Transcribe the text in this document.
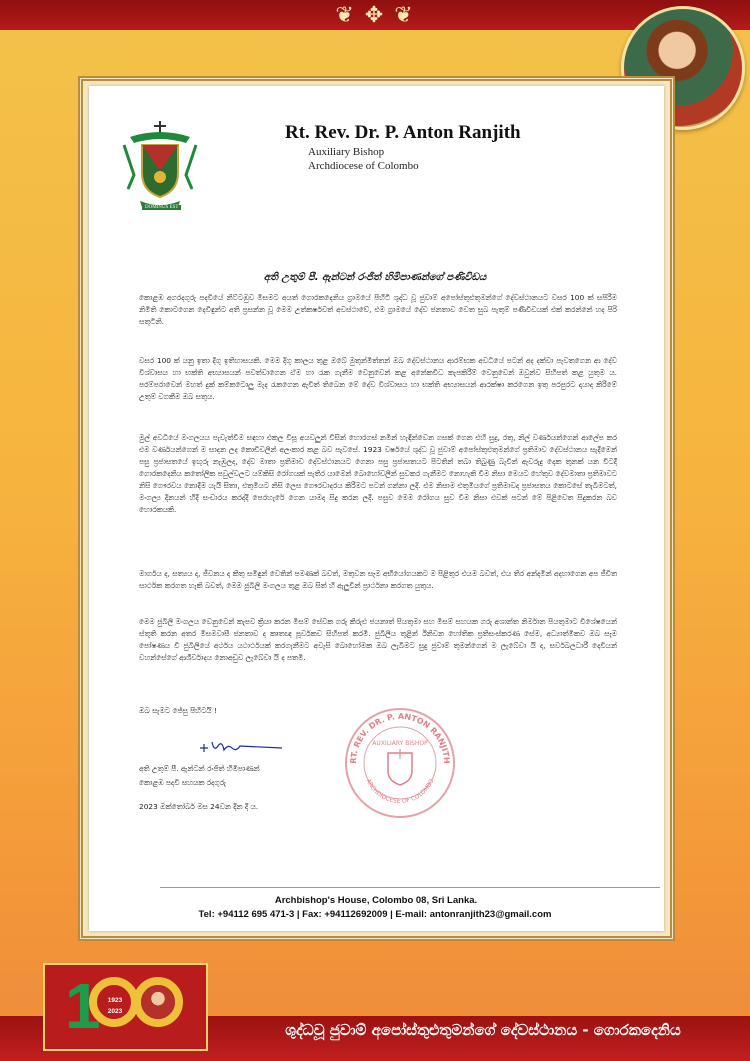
❦ ✥ ❦
DOMINUS EST
Rt. Rev. Dr. P. Anton Ranjith
Auxiliary Bishop
Archdiocese of Colombo
අති උතුම් පී. ඇන්ටන් රංජිත් හිමිපාණන්ගේ පණිවිඩය

කොළඹ අගරදගුරු පදවියේ නිට්ටඹුව මීසමට අයත් ගොරකදෙනිය ග්‍රාමයේ පිහිටි ශුද්ධ වූ ජුවාම් අපෝස්තුළුතුමන්ගේ දේවස්ථානයට වසර 100 ක් සපිරීම නිමිති කොටගෙන දෙවිඳුන්ට අති ප්‍රසන්න වූ මෙම උත්කර්ෂවත් අවස්ථාවේ, එම ග්‍රාමයේ දේව ජනතාව වෙත සුබ පැතුම් පණිවිඩයක් එක් කරන්නේ හද පිරි සතුටිනි.

වසර 100 ක් යනු ඉතා දිගු ඉතිහාසයකි. මෙම දිගු කාලය තුළ ඔබේ මුතුන්මිත්තන් ඔබ දේවස්ථානය ආරම්භක අවධියේ පටන් අද දක්වා පැවතගෙන ආ දේව විශ්වාසය හා භක්ති අභ්‍යාසයන් පවත්වාගෙන ඒම හා රැක ගැනීම වෙනුවෙන් කළ අනේකවිධ කැපකිරීම් වෙනුවෙන් ඔවුන්ව සිහිපත් කළ යුතුම ය. පරම්පරාවෙන් මහත් දුක් කම්කටොලු මැද රැකගෙන ඇවිත් තිබෙන මේ දේව විශ්වාසය හා භක්ති අභ්‍යාසයන් ආරක්ෂා කරගෙන ඉතු පරපුරට දායාද කිරීමේ උතුම් වගකීම ඔබ සතුය.

මුල් අවධියේ මංගලයය පැවැත්වීම සඳහා එකල විසූ අයවලුන් විසින් හොරගස් නමින් හැඳින්වෙන ගසක් ගෙන එහි සුදු, රතු, නිල් වර්ණයන්ගෙන් ආලේප කර එම වර්ණයන්ගෙන් ම සාදන ලද කොඩිවලින් අලංකාර කළ බව පැවසේ. 1923 වර්ෂයේ ශුද්ධ වූ ජුවාම් අපෝස්තුළුතුමන්ගේ ප්‍රතිමාව දේවස්ථානය සැදීමෙන් පසු ප්‍රජාසතයේ ඉඟුරු නැඹුලද, දේව මාතා ප්‍රතිමාව දේවස්ථානයට ගෙනා පසු ප්‍රජාසතයට පිටතින් තබා තිබුණු බැවින් ඇවරුදු දෙක තුනක් යන විටදී ගොරකදෙනිය කතෝලික පවුල්වලට යම්කිසි රෝගයක් පැතිර යාමෙන් බොහෝවලින් සුවකර ගැනීමට නොහැකි වීම නිසා මෙයට හේතුව දේවමාතා ප්‍රතිමාවට නිසි ගෞරවය නොදීම යැයි සිතා, එතුමියට නිසි ලෙස ගෞරවාදරය කිරීමට පටන් ගන්නා ලදි. එම නිසාම එතුමියගේ ප්‍රතිමාවද ප්‍රජාසතය කොටසේ තැබීමටත්, මංගල්‍ය දිනයන් හිදී සංචාරය කරද්දී පෙරහැරේ ගෙන යාමද සිදු කරන ලදී. පසුව මෙම රෝගය සුව වීම නිසා එවක් පටන් මේ පිළිවෙත සිදුකරන බව හොරකයකි.

මාර්ගය ද, සත්‍යය ද, ජීවනය ද කිතු සමිඳුන් වෙතින් පමණක් බවත්, මතුවන සෑම අභියෝගයකට ම පිළිතුර එයම බවත්, එය තිර අන්දමින් අදහාගෙන අප ජීවිත සාර්ථක කරගත හැකි බවත්, මෙම ජුබිලි මංගලය තුළ ඔබ සිත් හි ඇලුවීන් ප්‍රාර්ථනා කරගත යුතුය.

මෙම ජුබිලි මංගලය වෙනුවෙන් කැපව ක්‍රියා කරන මීසම් සේවක ගරු කිරුළු ජයනාත් පියතුමා සහ මීසම් සහයක ගරු අශාන්ත නිර්මාන පියතුමාට විශේෂයෙන් ස්තූති කරන අතර මීසමවාසී ජනතාව ද කෘතඥ පූර්වකව සිහිපත් කරමි. ජුබිලිය තුළින් ඊනිවන හෝතික ප්‍රතිසංස්කරණ සේම, අධ්‍යාත්මිකව ඔබ සෑම පෝෂණය වී ජුබිලියේ අර්ථය යථාර්ථයක් කරගැනීමට අවැසි බොහෝමක ඔබ ලැබීමට සුදු ජුවාම් තුමන්ගෙන් ම ලැබේවා යි ද, සර්වබලධාරී දෙවියන් වහන්සේගේ ආශීර්වාදය නොඅඩුව ලැබේවා යි ද පතමි.

ඔබ සැමට ජේසු පිහිටයි !
අති උතුම් පී. ඇන්ටන් රංජිත් හිමිපාණන්
කොළඹ පදවි සහයක රදගුරු
2023 ඔක්තෝබර් මස 24වන දින දී ය.
RT. REV. DR. P. ANTON RANJITH
AUXILIARY BISHOP
ARCHDIOCESE OF COLOMBO
Archbishop's House, Colombo 08, Sri Lanka.
Tel: +94112 695 471-3 | Fax: +94112692009 | E-mail: antonranjith23@gmail.com
ශුද්ධවූ ජුවාම් අපෝස්තුළුතුමන්ගේ දේවස්ථානය - ගොරකදෙනිය
1	1923
2023
